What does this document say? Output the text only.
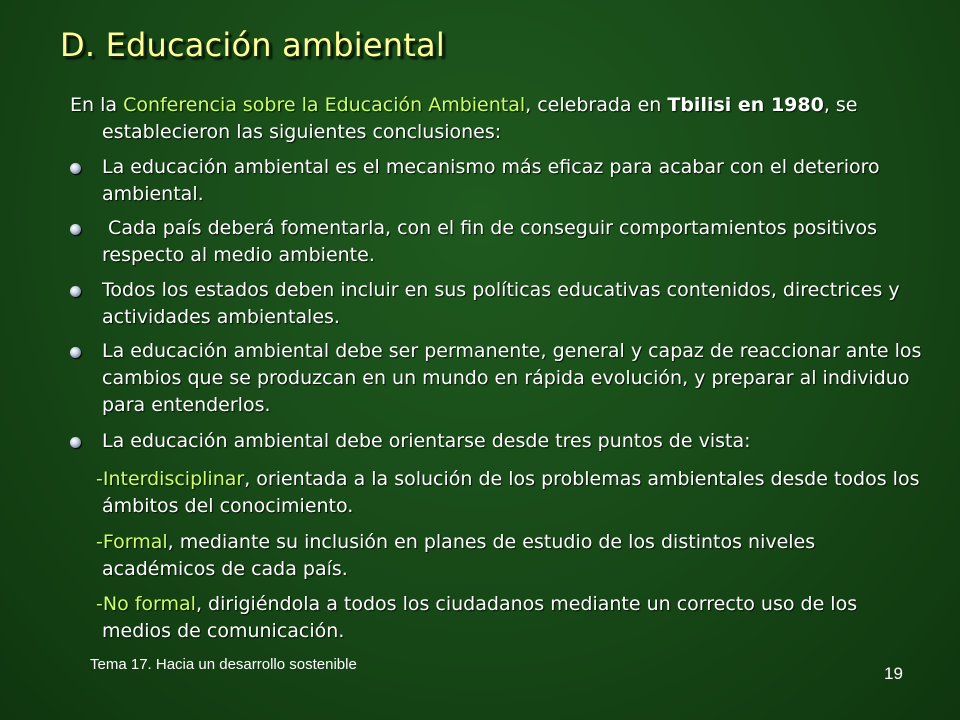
D. Educación ambiental
En la Conferencia sobre la Educación Ambiental, celebrada en Tbilisi en 1980, se establecieron las siguientes conclusiones:
La educación ambiental es el mecanismo más eficaz para acabar con el deterioro ambiental.
Cada país deberá fomentarla, con el fin de conseguir comportamientos positivos respecto al medio ambiente.
Todos los estados deben incluir en sus políticas educativas contenidos, directrices y actividades ambientales.
La educación ambiental debe ser permanente, general y capaz de reaccionar ante los cambios que se produzcan en un mundo en rápida evolución, y preparar al individuo para entenderlos.
La educación ambiental debe orientarse desde tres puntos de vista:
-Interdisciplinar, orientada a la solución de los problemas ambientales desde todos los ámbitos del conocimiento.
-Formal, mediante su inclusión en planes de estudio de los distintos niveles académicos de cada país.
-No formal, dirigiéndola a todos los ciudadanos mediante un correcto uso de los medios de comunicación.
Tema 17. Hacia un desarrollo sostenible	19
